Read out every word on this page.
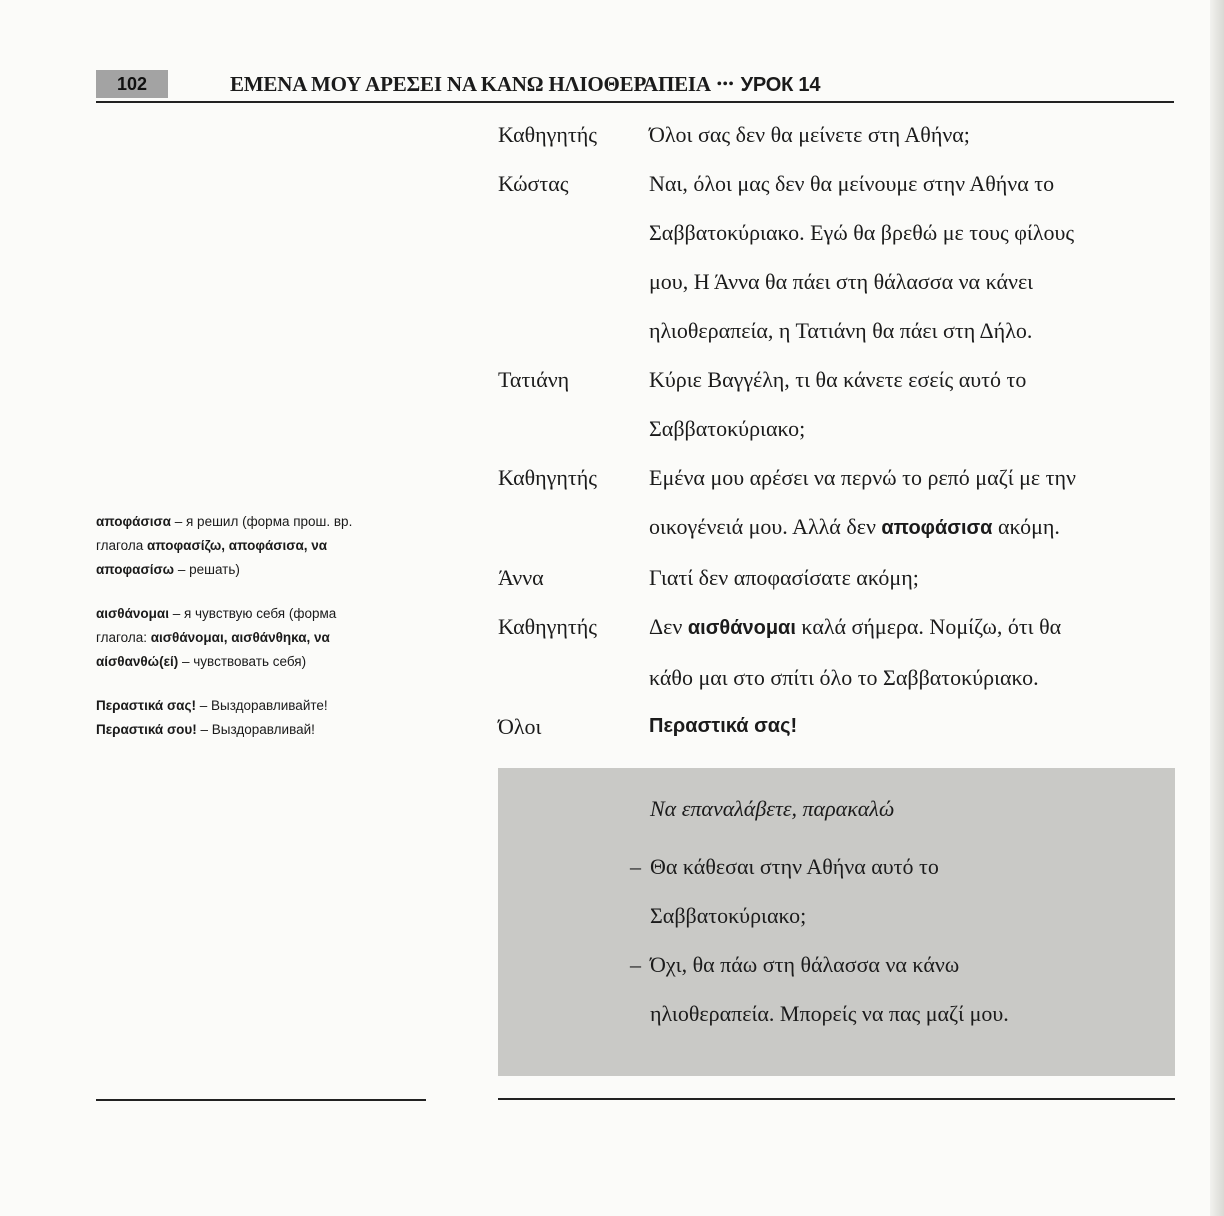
102	ΕΜΕΝΑ ΜΟΥ ΑΡΕΣΕΙ ΝΑ ΚΑΝΩ ΗΛΙΟΘΕΡΑΠΕΙΑ ••• УРОК 14
Καθηγητής	Όλοι σας δεν θα μείνετε στη Αθήνα;
Κώστας	Ναι, όλοι μας δεν θα μείνουμε στην Αθήνα το
Σαββατοκύριακο. Εγώ θα βρεθώ με τους φίλους
μου, Η Άννα θα πάει στη θάλασσα να κάνει
ηλιοθεραπεία, η Τατιάνη θα πάει στη Δήλο.
Τατιάνη	Κύριε Βαγγέλη, τι θα κάνετε εσείς αυτό το
Σαββατοκύριακο;
Καθηγητής	Εμένα μου αρέσει να περνώ το ρεπό μαζί με την
οικογένειά μου. Αλλά δεν αποφάσισα ακόμη.
Άννα	Γιατί δεν αποφασίσατε ακόμη;
Καθηγητής	Δεν αισθάνομαι καλά σήμερα. Νομίζω, ότι θα
κάθο μαι στο σπίτι όλο το Σαββατοκύριακο.
Όλοι	Περαστικά σας!
αποφάσισα – я решил (форма прош. вр.
глагола αποφασίζω, αποφάσισα, να
αποφασίσω – решать)
αισθάνομαι – я чувствую себя (форма
глагола: αισθάνομαι, αισθάνθηκα, να
αίσθανθώ(εί) – чувствовать себя)
Περαστικά σας! – Выздоравливайте!
Περαστικά σου! – Выздоравливай!
Να επαναλάβετε, παρακαλώ
– Θα κάθεσαι στην Αθήνα αυτό το
Σαββατοκύριακο;
– Όχι, θα πάω στη θάλασσα να κάνω
ηλιοθεραπεία. Μπορείς να πας μαζί μου.
